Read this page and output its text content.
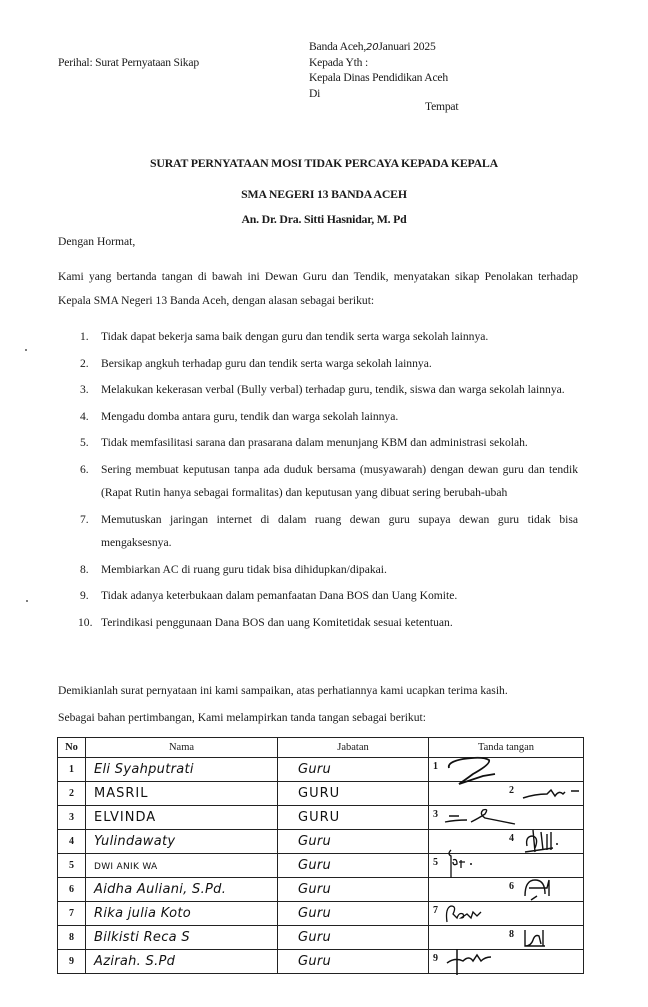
Perihal: Surat Pernyataan Sikap
Banda Aceh,20Januari 2025
Kepada Yth :
Kepala Dinas Pendidikan Aceh
Di
Tempat
SURAT PERNYATAAN MOSI TIDAK PERCAYA KEPADA KEPALA
SMA NEGERI 13 BANDA ACEH
An. Dr. Dra. Sitti Hasnidar, M. Pd
Dengan Hormat,
Kami yang bertanda tangan di bawah ini Dewan Guru dan Tendik, menyatakan sikap Penolakan terhadap Kepala SMA Negeri 13 Banda Aceh, dengan alasan sebagai berikut:
1. Tidak dapat bekerja sama baik dengan guru dan tendik serta warga sekolah lainnya.
2. Bersikap angkuh terhadap guru dan tendik serta warga sekolah lainnya.
3. Melakukan kekerasan verbal (Bully verbal) terhadap guru, tendik, siswa dan warga sekolah lainnya.
4. Mengadu domba antara guru, tendik dan warga sekolah lainnya.
5. Tidak memfasilitasi sarana dan prasarana dalam menunjang KBM dan administrasi sekolah.
6. Sering membuat keputusan tanpa ada duduk bersama (musyawarah) dengan dewan guru dan tendik (Rapat Rutin hanya sebagai formalitas) dan keputusan yang dibuat sering berubah-ubah
7. Memutuskan jaringan internet di dalam ruang dewan guru supaya dewan guru tidak bisa mengaksesnya.
8. Membiarkan AC di ruang guru tidak bisa dihidupkan/dipakai.
9. Tidak adanya keterbukaan dalam pemanfaatan Dana BOS dan Uang Komite.
10. Terindikasi penggunaan Dana BOS dan uang Komitetidak sesuai ketentuan.
Demikianlah surat pernyataan ini kami sampaikan, atas perhatiannya kami ucapkan terima kasih.
Sebagai bahan pertimbangan, Kami melampirkan tanda tangan sebagai berikut:
No	Nama	Jabatan	Tanda tangan
1	Eli Syahputrati	Guru	1

2	MASRIL	GURU	2

3	ELVINDA	GURU	3

4	Yulindawaty	Guru	4

5	DWI ANIK WA	Guru	5

6	Aidha Auliani, S.Pd.	Guru	6

7	Rika julia Koto	Guru	7

8	Bilkisti Reca S	Guru	8

9	Azirah. S.Pd	Guru	9
